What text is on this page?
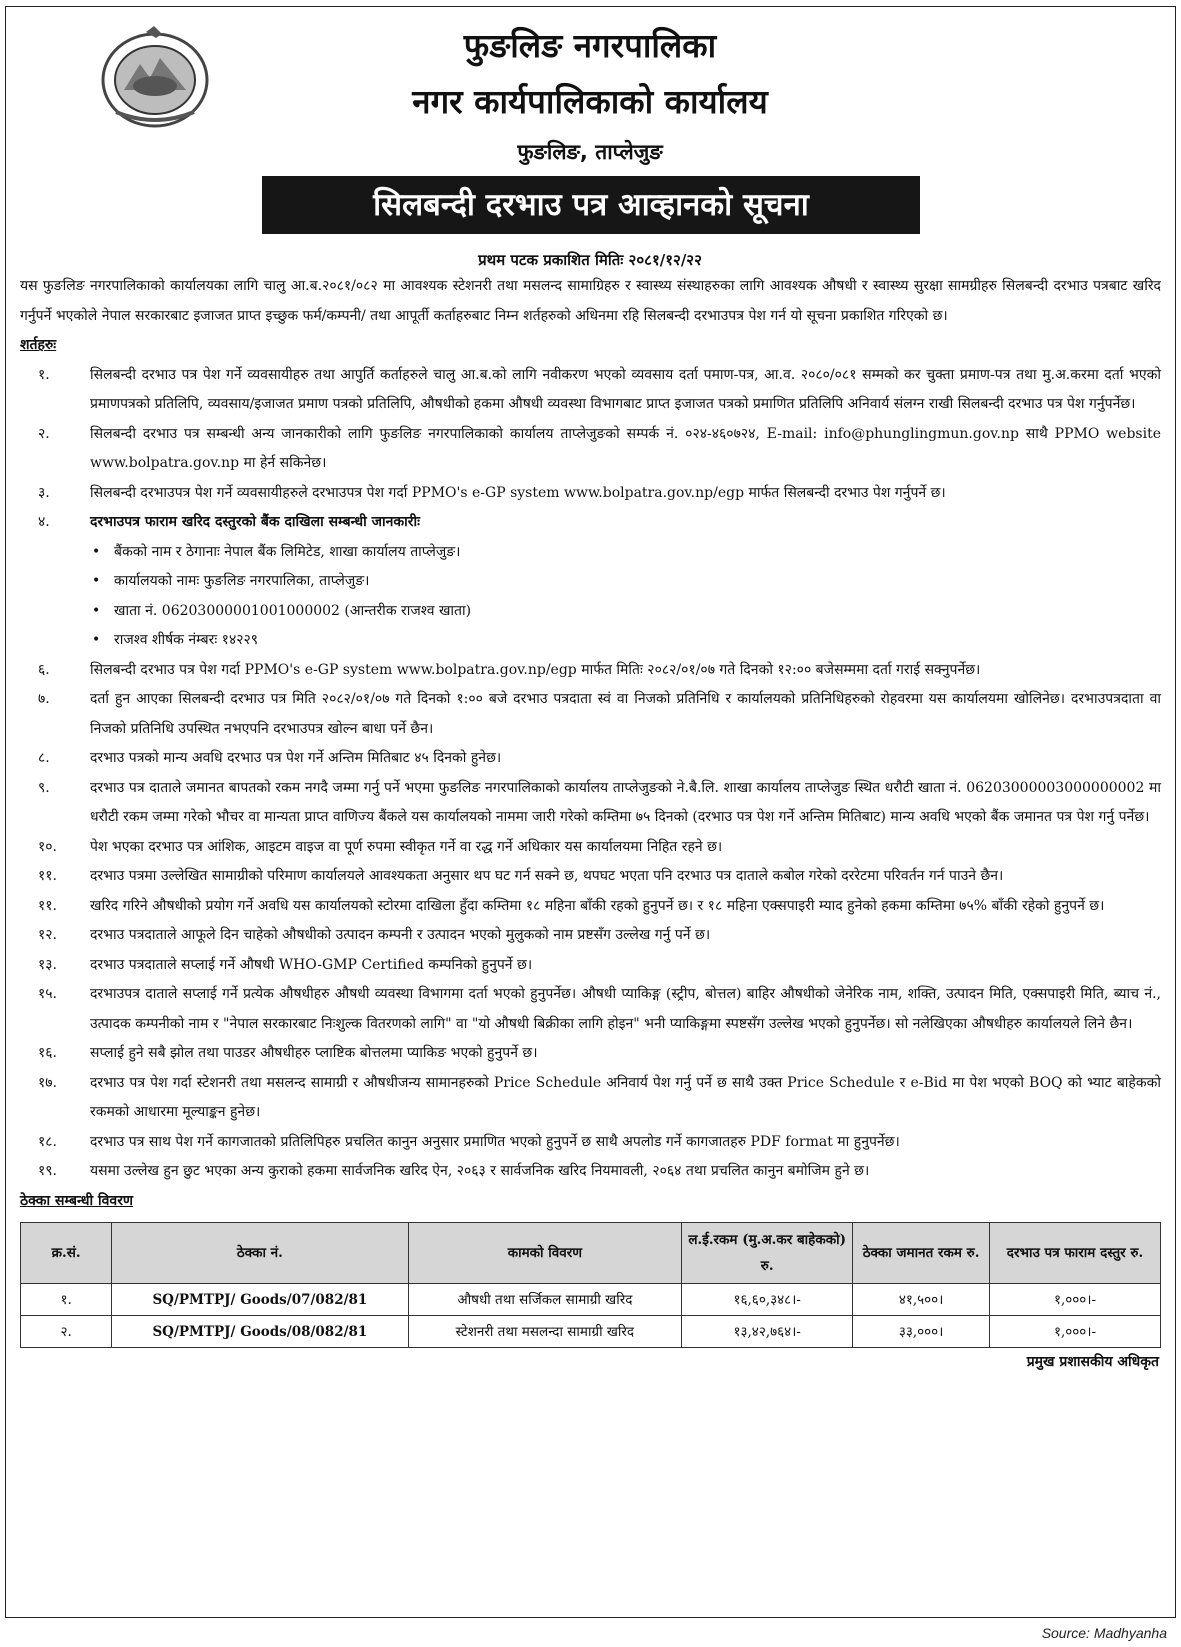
फुङलिङ नगरपालिका
नगर कार्यपालिकाको कार्यालय
फुङलिङ, ताप्लेजुङ
सिलबन्दी दरभाउ पत्र आव्हानको सूचना
प्रथम पटक प्रकाशित मितिः २०८१/१२/२२

यस फुङलिङ नगरपालिकाको कार्यालयका लागि चालु आ.ब.२०८१/०८२ मा आवश्यक स्टेशनरी तथा मसलन्द सामाग्रिहरु र स्वास्थ्य संस्थाहरुका लागि आवश्यक औषधी र स्वास्थ्य सुरक्षा सामग्रीहरु सिलबन्दी दरभाउ पत्रबाट खरिद गर्नुपर्ने भएकोले नेपाल सरकारबाट इजाजत प्राप्त इच्छुक फर्म/कम्पनी/ तथा आपूर्ती कर्ताहरुबाट निम्न शर्तहरुको अधिनमा रहि सिलबन्दी दरभाउपत्र पेश गर्न यो सूचना प्रकाशित गरिएको छ।

शर्तहरुः
१.	सिलबन्दी दरभाउ पत्र पेश गर्ने व्यवसायीहरु तथा आपुर्ति कर्ताहरुले चालु आ.ब.को लागि नवीकरण भएको व्यवसाय दर्ता पमाण-पत्र, आ.व. २०८०/०८१ सम्मको कर चुक्ता प्रमाण-पत्र तथा मु.अ.करमा दर्ता भएको प्रमाणपत्रको प्रतिलिपि, व्यवसाय/इजाजत प्रमाण पत्रको प्रतिलिपि, औषधीको हकमा औषधी व्यवस्था विभागबाट प्राप्त इजाजत पत्रको प्रमाणित प्रतिलिपि अनिवार्य संलग्न राखी सिलबन्दी दरभाउ पत्र पेश गर्नुपर्नेछ।
२.	सिलबन्दी दरभाउ पत्र सम्बन्धी अन्य जानकारीको लागि फुङलिङ नगरपालिकाको कार्यालय ताप्लेजुङको सम्पर्क नं. ०२४-४६०७२४, E-mail: info@phunglingmun.gov.np साथै PPMO website www.bolpatra.gov.np मा हेर्न सकिनेछ।
३.	सिलबन्दी दरभाउपत्र पेश गर्ने व्यवसायीहरुले दरभाउपत्र पेश गर्दा PPMO's e-GP system www.bolpatra.gov.np/egp मार्फत सिलबन्दी दरभाउ पेश गर्नुपर्ने छ।
४.	दरभाउपत्र फाराम खरिद दस्तुरको बैंक दाखिला सम्बन्धी जानकारीः
• बैंकको नाम र ठेगानाः नेपाल बैंक लिमिटेड, शाखा कार्यालय ताप्लेजुङ।
• कार्यालयको नामः फुङलिङ नगरपालिका, ताप्लेजुङ।
• खाता नं. 06203000001001000002 (आन्तरीक राजश्व खाता)
• राजश्व शीर्षक नंम्बरः १४२२९
६.	सिलबन्दी दरभाउ पत्र पेश गर्दा PPMO's e-GP system www.bolpatra.gov.np/egp मार्फत मितिः २०८२/०१/०७ गते दिनको १२:०० बजेसम्ममा दर्ता गराई सक्नुपर्नेछ।
७.	दर्ता हुन आएका सिलबन्दी दरभाउ पत्र मिति २०८२/०१/०७ गते दिनको १:०० बजे दरभाउ पत्रदाता स्वं वा निजको प्रतिनिधि र कार्यालयको प्रतिनिधिहरुको रोहवरमा यस कार्यालयमा खोलिनेछ। दरभाउपत्रदाता वा निजको प्रतिनिधि उपस्थित नभएपनि दरभाउपत्र खोल्न बाधा पर्ने छैन।
८.	दरभाउ पत्रको मान्य अवधि दरभाउ पत्र पेश गर्ने अन्तिम मितिबाट ४५ दिनको हुनेछ।
९.	दरभाउ पत्र दाताले जमानत बापतको रकम नगदै जम्मा गर्नु पर्ने भएमा फुङलिङ नगरपालिकाको कार्यालय ताप्लेजुङको ने.बै.लि. शाखा कार्यालय ताप्लेजुङ स्थित धरौटी खाता नं. 06203000003000000002 मा धरौटी रकम जम्मा गरेको भौचर वा मान्यता प्राप्त वाणिज्य बैंकले यस कार्यालयको नाममा जारी गरेको कम्तिमा ७५ दिनको (दरभाउ पत्र पेश गर्ने अन्तिम मितिबाट) मान्य अवधि भएको बैंक जमानत पत्र पेश गर्नु पर्नेछ।
१०.	पेश भएका दरभाउ पत्र आंशिक, आइटम वाइज वा पूर्ण रुपमा स्वीकृत गर्ने वा रद्ध गर्ने अधिकार यस कार्यालयमा निहित रहने छ।
११.	दरभाउ पत्रमा उल्लेखित सामाग्रीको परिमाण कार्यालयले आवश्यकता अनुसार थप घट गर्न सक्ने छ, थपघट भएता पनि दरभाउ पत्र दाताले कबोल गरेको दररेटमा परिवर्तन गर्न पाउने छैन।
११.	खरिद गरिने औषधीको प्रयोग गर्ने अवधि यस कार्यालयको स्टोरमा दाखिला हुँदा कम्तिमा १८ महिना बाँकी रहको हुनुपर्ने छ। र १८ महिना एक्सपाइरी म्याद हुनेको हकमा कम्तिमा ७५% बाँकी रहेको हुनुपर्ने छ।
१२.	दरभाउ पत्रदाताले आफूले दिन चाहेको औषधीको उत्पादन कम्पनी र उत्पादन भएको मुलुकको नाम प्रष्टसँग उल्लेख गर्नु पर्ने छ।
१३.	दरभाउ पत्रदाताले सप्लाई गर्ने औषधी WHO-GMP Certified कम्पनिको हुनुपर्ने छ।
१५.	दरभाउपत्र दाताले सप्लाई गर्ने प्रत्येक औषधीहरु औषधी व्यवस्था विभागमा दर्ता भएको हुनुपर्नेछ। औषधी प्याकिङ्ग (स्ट्रीप, बोत्तल) बाहिर औषधीको जेनेरिक नाम, शक्ति, उत्पादन मिति, एक्सपाइरी मिति, ब्याच नं., उत्पादक कम्पनीको नाम र "नेपाल सरकारबाट निःशुल्क वितरणको लागि" वा "यो औषधी बिक्रीका लागि होइन" भनी प्याकिङ्गमा स्पष्टसँग उल्लेख भएको हुनुपर्नेछ। सो नलेखिएका औषधीहरु कार्यालयले लिने छैन।
१६.	सप्लाई हुने सबै झोल तथा पाउडर औषधीहरु प्लाष्टिक बोत्तलमा प्याकिङ भएको हुनुपर्ने छ।
१७.	दरभाउ पत्र पेश गर्दा स्टेशनरी तथा मसलन्द सामाग्री र औषधीजन्य सामानहरुको Price Schedule अनिवार्य पेश गर्नु पर्ने छ साथै उक्त Price Schedule र e-Bid मा पेश भएको BOQ को भ्याट बाहेकको रकमको आधारमा मूल्याङ्कन हुनेछ।
१८.	दरभाउ पत्र साथ पेश गर्ने कागजातको प्रतिलिपिहरु प्रचलित कानुन अनुसार प्रमाणित भएको हुनुपर्ने छ साथै अपलोड गर्ने कागजातहरु PDF format मा हुनुपर्नेछ।
१९.	यसमा उल्लेख हुन छुट भएका अन्य कुराको हकमा सार्वजनिक खरिद ऐन, २०६३ र सार्वजनिक खरिद नियमावली, २०६४ तथा प्रचलित कानुन बमोजिम हुने छ।
ठेक्का सम्बन्धी विवरण
क्र.सं.	ठेक्का नं.	कामको विवरण	ल.ई.रकम (मु.अ.कर बाहेकको) रु.	ठेक्का जमानत रकम रु.	दरभाउ पत्र फाराम दस्तुर रु.
१.	SQ/PMTPJ/ Goods/07/082/81	औषधी तथा सर्जिकल सामाग्री खरिद	१६,६०,३४८।-	४१,५००।	१,०००।-
२.	SQ/PMTPJ/ Goods/08/082/81	स्टेशनरी तथा मसलन्दा सामाग्री खरिद	१३,४२,७६४।-	३३,०००।	१,०००।-
प्रमुख प्रशासकीय अधिकृत
Source: Madhyanha
